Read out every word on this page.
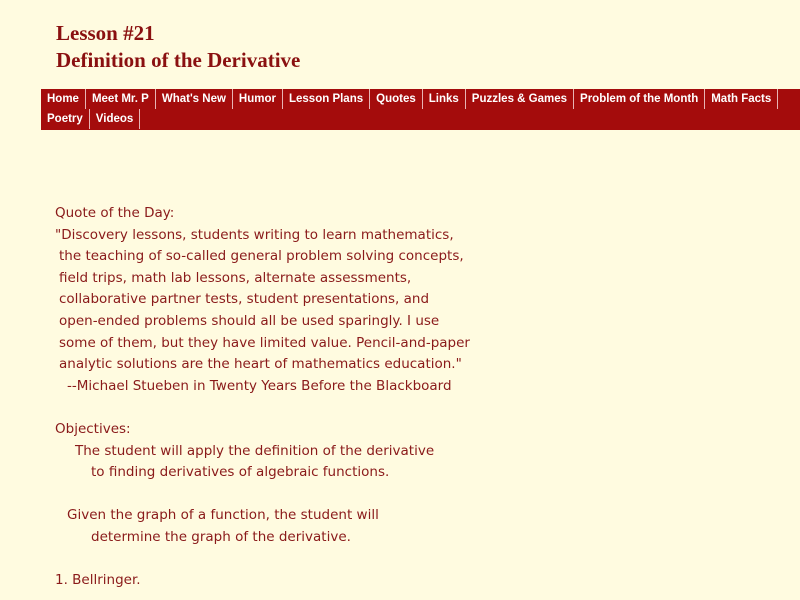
Lesson #21
Definition of the Derivative
Home	Meet Mr. P	What's New	Humor	Lesson Plans	Quotes	Links	Puzzles & Games	Problem of the Month	Math Facts
Poetry	Videos
Quote of the Day:
"Discovery lessons, students writing to learn mathematics,
the teaching of so-called general problem solving concepts,
field trips, math lab lessons, alternate assessments,
collaborative partner tests, student presentations, and
open-ended problems should all be used sparingly. I use
some of them, but they have limited value. Pencil-and-paper
analytic solutions are the heart of mathematics education."
--Michael Stueben in Twenty Years Before the Blackboard
Objectives:
The student will apply the definition of the derivative
to finding derivatives of algebraic functions.
Given the graph of a function, the student will
determine the graph of the derivative.
1. Bellringer.
